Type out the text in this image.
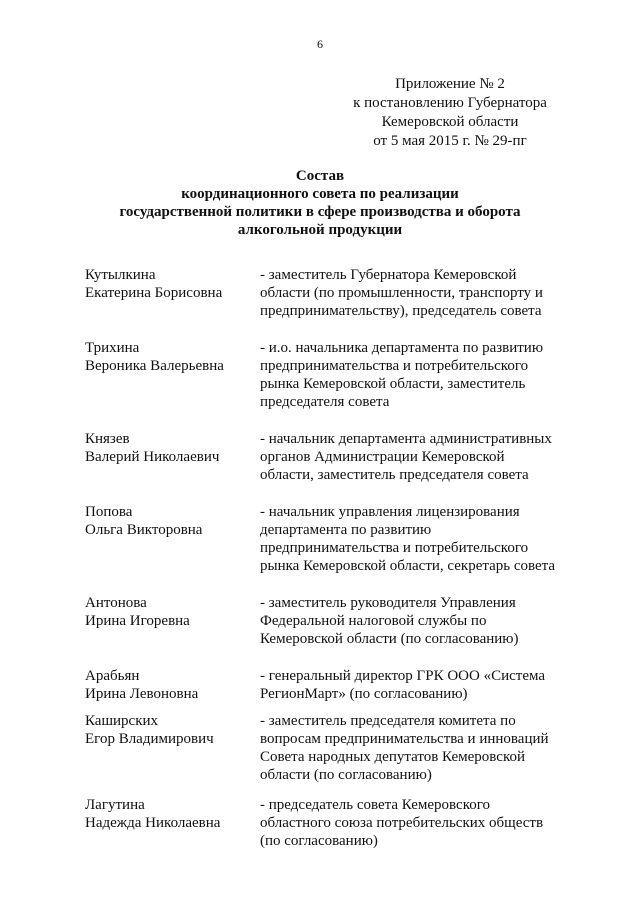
6
Приложение № 2
к постановлению Губернатора
Кемеровской области
от 5 мая 2015 г. № 29-пг
Состав
координационного совета по реализации
государственной политики в сфере производства и оборота
алкогольной продукции
Кутылкина
Екатерина Борисовна
- заместитель Губернатора Кемеровской
области (по промышленности, транспорту и
предпринимательству), председатель совета
Трихина
Вероника Валерьевна
- и.о. начальника департамента по развитию
предпринимательства и потребительского
рынка Кемеровской области, заместитель
председателя совета
Князев
Валерий Николаевич
- начальник департамента административных
органов Администрации Кемеровской
области, заместитель председателя совета
Попова
Ольга Викторовна
- начальник управления лицензирования
департамента по развитию
предпринимательства и потребительского
рынка Кемеровской области, секретарь совета
Антонова
Ирина Игоревна
- заместитель руководителя Управления
Федеральной налоговой службы по
Кемеровской области (по согласованию)
Арабьян
Ирина Левоновна
- генеральный директор ГРК ООО «Система
РегионМарт» (по согласованию)
Каширских
Егор Владимирович
- заместитель председателя комитета по
вопросам предпринимательства и инноваций
Совета народных депутатов Кемеровской
области (по согласованию)
Лагутина
Надежда Николаевна
- председатель совета Кемеровского
областного союза потребительских обществ
(по согласованию)
